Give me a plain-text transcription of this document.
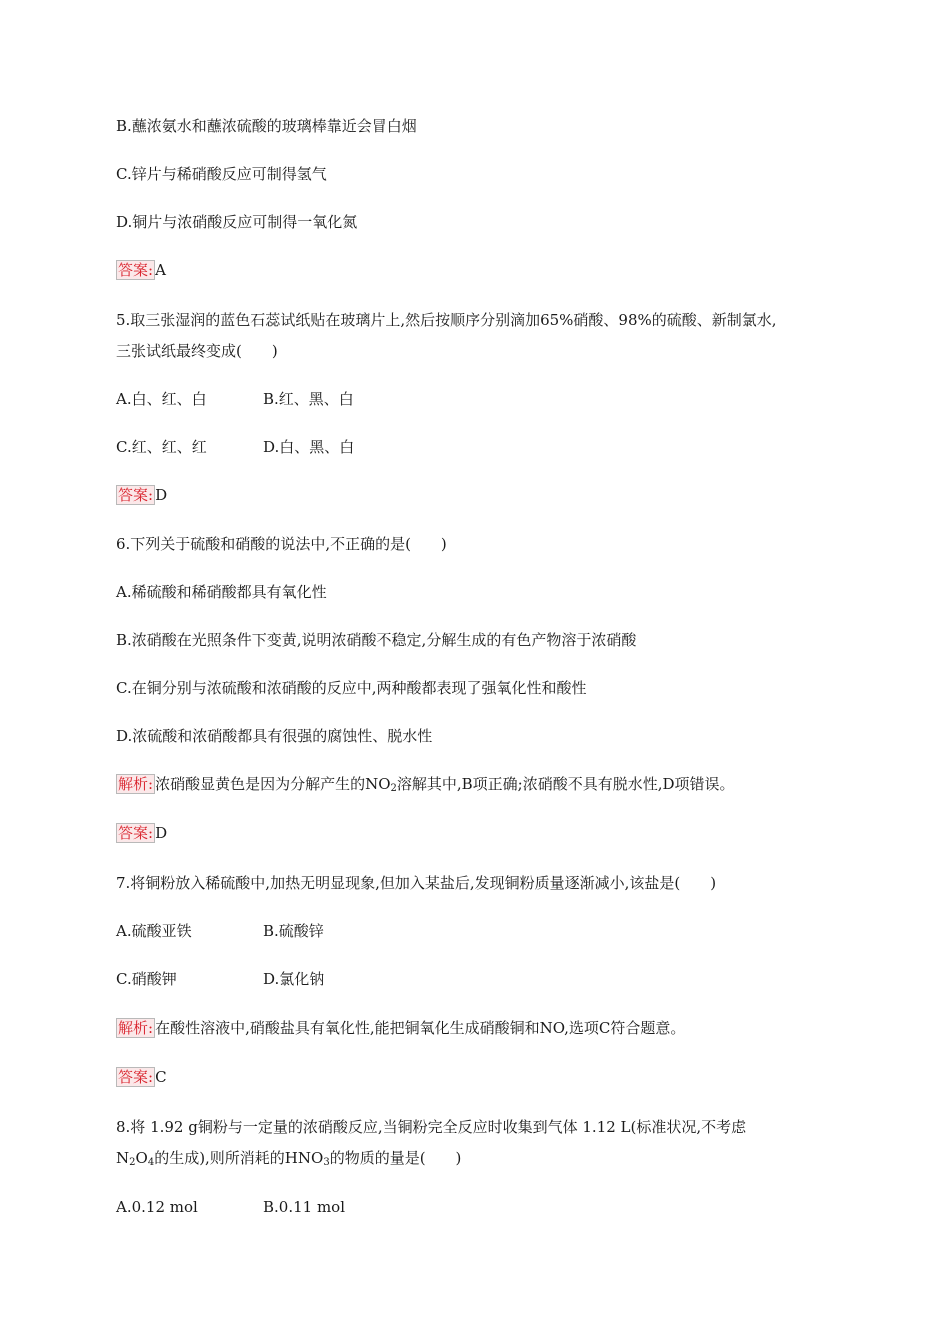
B.蘸浓氨水和蘸浓硫酸的玻璃棒靠近会冒白烟
C.锌片与稀硝酸反应可制得氢气
D.铜片与浓硝酸反应可制得一氧化氮
答案: A
5.取三张湿润的蓝色石蕊试纸贴在玻璃片上,然后按顺序分别滴加65%硝酸、98%的硫酸、新制氯水,
三张试纸最终变成(　　)
A.白、红、白	B.红、黑、白
C.红、红、红	D.白、黑、白
答案: D
6.下列关于硫酸和硝酸的说法中,不正确的是(　　)
A.稀硫酸和稀硝酸都具有氧化性
B.浓硝酸在光照条件下变黄,说明浓硝酸不稳定,分解生成的有色产物溶于浓硝酸
C.在铜分别与浓硫酸和浓硝酸的反应中,两种酸都表现了强氧化性和酸性
D.浓硫酸和浓硝酸都具有很强的腐蚀性、脱水性
解析: 浓硝酸显黄色是因为分解产生的$NO_2$溶解其中,B项正确;浓硝酸不具有脱水性,D项错误。
答案: D
7.将铜粉放入稀硫酸中,加热无明显现象,但加入某盐后,发现铜粉质量逐渐减小,该盐是(　　)
A.硫酸亚铁	B.硫酸锌
C.硝酸钾	D.氯化钠
解析: 在酸性溶液中,硝酸盐具有氧化性,能把铜氧化生成硝酸铜和NO,选项C符合题意。
答案: C
8.将 1.92 g铜粉与一定量的浓硝酸反应,当铜粉完全反应时收集到气体 1.12 L(标准状况,不考虑
$N_2O_4$的生成),则所消耗的$HNO_3$的物质的量是(　　)
A.0.12 mol	B.0.11 mol
